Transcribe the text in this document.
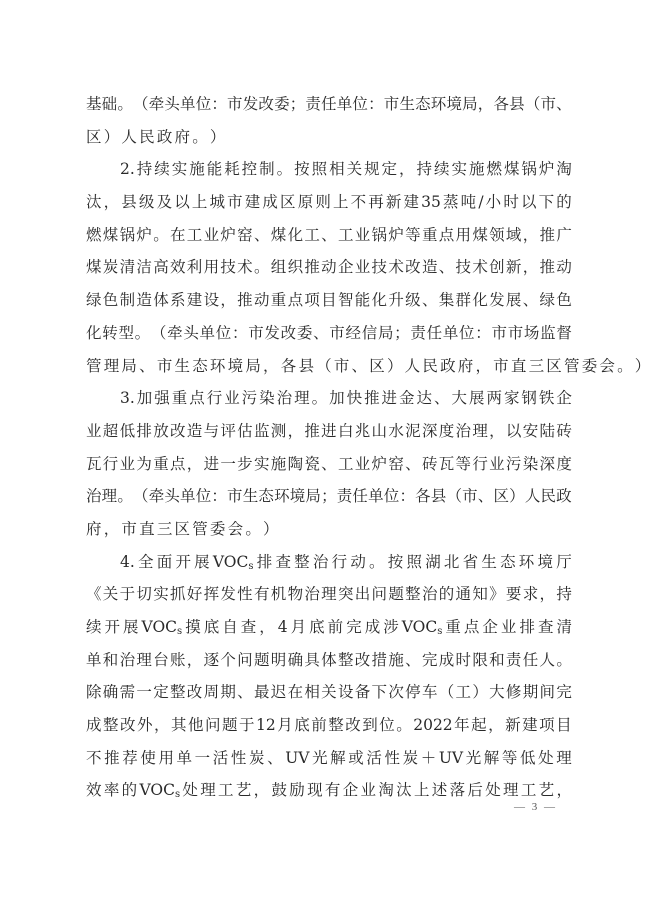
基 础 。 （ 牵 头 单 位 ： 市 发 改 委 ； 责 任 单 位 ： 市 生 态 环 境 局 ， 各 县 （ 市 、
区 ） 人 民 政 府 。 ）
2. 持 续 实 施 能 耗 控 制 。 按 照 相 关 规 定 ， 持 续 实 施 燃 煤 锅 炉 淘
汰 ， 县 级 及 以 上 城 市 建 成 区 原 则 上 不 再 新 建 35 蒸 吨 / 小 时 以 下 的
燃 煤 锅 炉 。 在 工 业 炉 窑 、 煤 化 工 、 工 业 锅 炉 等 重 点 用 煤 领 域 ， 推 广
煤 炭 清 洁 高 效 利 用 技 术 。 组 织 推 动 企 业 技 术 改 造 、 技 术 创 新 ， 推 动
绿 色 制 造 体 系 建 设 ， 推 动 重 点 项 目 智 能 化 升 级 、 集 群 化 发 展 、 绿 色
化 转 型 。 （ 牵 头 单 位 ： 市 发 改 委 、 市 经 信 局 ； 责 任 单 位 ： 市 市 场 监 督
管 理 局 、 市 生 态 环 境 局 ， 各 县 （ 市 、 区 ） 人 民 政 府 ， 市 直 三 区 管 委 会 。 ）
3. 加 强 重 点 行 业 污 染 治 理 。 加 快 推 进 金 达 、 大 展 两 家 钢 铁 企
业 超 低 排 放 改 造 与 评 估 监 测 ， 推 进 白 兆 山 水 泥 深 度 治 理 ， 以 安 陆 砖
瓦 行 业 为 重 点 ， 进 一 步 实 施 陶 瓷 、 工 业 炉 窑 、 砖 瓦 等 行 业 污 染 深 度
治 理 。 （ 牵 头 单 位 ： 市 生 态 环 境 局 ； 责 任 单 位 ： 各 县 （ 市 、 区 ） 人 民 政
府 ， 市 直 三 区 管 委 会 。 ）
4. 全 面 开 展 VOCs 排 查 整 治 行 动 。 按 照 湖 北 省 生 态 环 境 厅
《 关 于 切 实 抓 好 挥 发 性 有 机 物 治 理 突 出 问 题 整 治 的 通 知 》 要 求 ， 持
续 开 展 VOCs 摸 底 自 查 ， 4 月 底 前 完 成 涉 VOCs 重 点 企 业 排 查 清
单 和 治 理 台 账 ， 逐 个 问 题 明 确 具 体 整 改 措 施 、 完 成 时 限 和 责 任 人 。
除 确 需 一 定 整 改 周 期 、 最 迟 在 相 关 设 备 下 次 停 车 （ 工 ） 大 修 期 间 完
成 整 改 外 ， 其 他 问 题 于 12 月 底 前 整 改 到 位 。 2022 年 起 ， 新 建 项 目
不 推 荐 使 用 单 一 活 性 炭 、 UV 光 解 或 活 性 炭 ＋ UV 光 解 等 低 处 理
效 率 的 VOCs 处 理 工 艺 ， 鼓 励 现 有 企 业 淘 汰 上 述 落 后 处 理 工 艺 ，
— 3 —
